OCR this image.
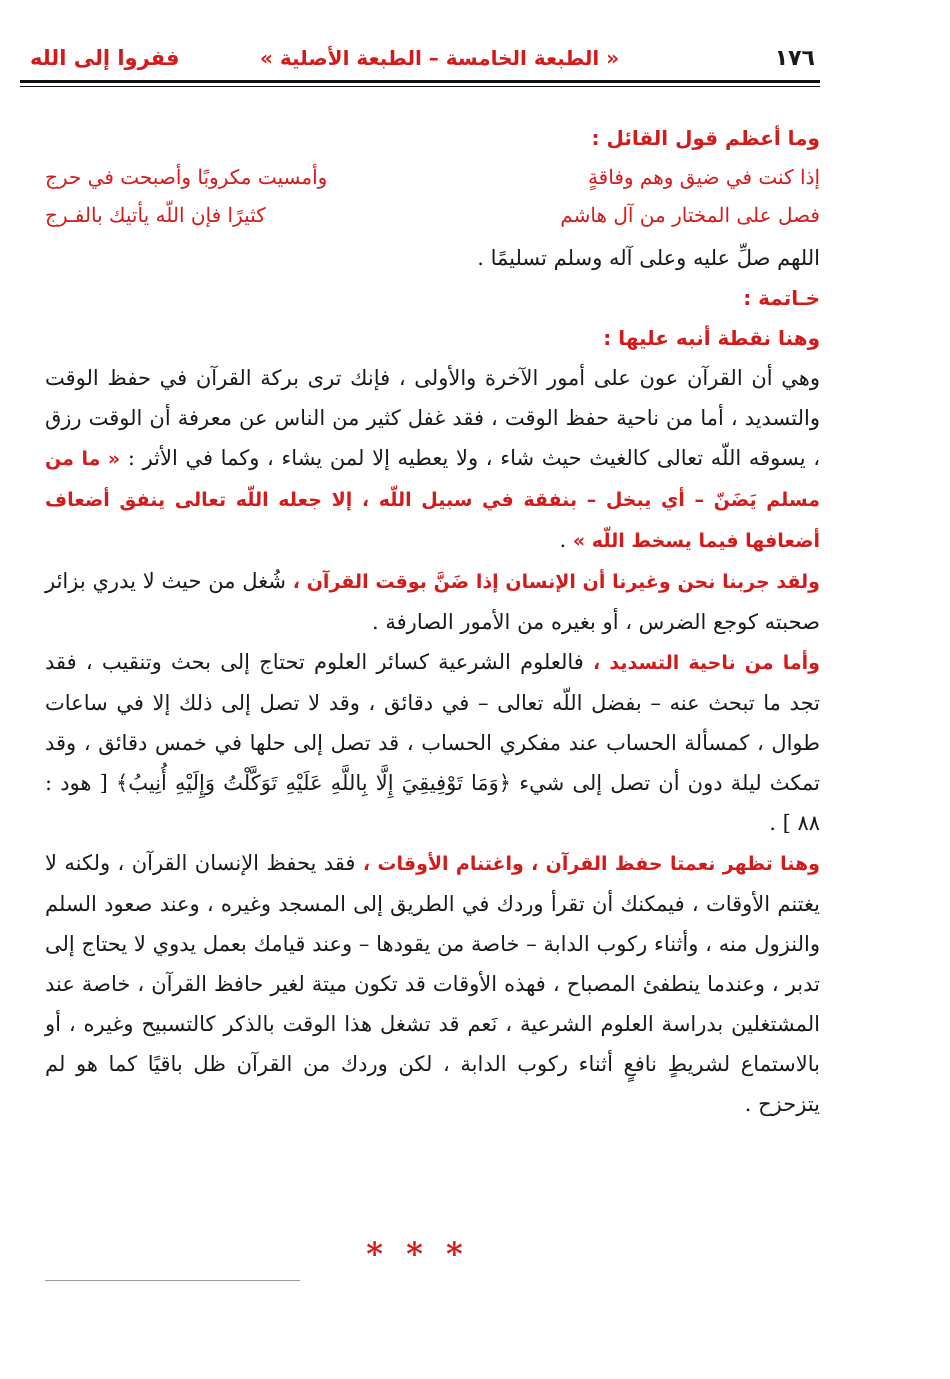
ففروا إلى الله	« الطبعة الخامسة – الطبعة الأصلية »	١٧٦
وما أعظم قول القائل :
إذا كنت في ضيق وهم وفاقةٍ
وأمسيت مكروبًا وأصبحت في حرج
فصل على المختار من آل هاشم
كثيرًا فإن اللّه يأتيك بالفـرج

اللهم صلِّ عليه وعلى آله وسلم تسليمًا .

خـاتمة :
وهنا نقطة أنبه عليها :

وهي أن القرآن عون على أمور الآخرة والأولى ، فإنك ترى بركة القرآن في حفظ الوقت والتسديد ، أما من ناحية حفظ الوقت ، فقد غفل كثير من الناس عن معرفة أن الوقت رزق ، يسوقه اللّه تعالى كالغيث حيث شاء ، ولا يعطيه إلا لمن يشاء ، وكما في الأثر : « ما من مسلم يَضَنّ – أي يبخل – بنفقة في سبيل اللّه ، إلا جعله اللّه تعالى ينفق أضعاف أضعافها فيما يسخط اللّه » .

ولقد جربنا نحن وغيرنا أن الإنسان إذا ضَنَّ بوقت القرآن ، شُغل من حيث لا يدري بزائر صحبته كوجع الضرس ، أو بغيره من الأمور الصارفة .

وأما من ناحية التسديد ، فالعلوم الشرعية كسائر العلوم تحتاج إلى بحث وتنقيب ، فقد تجد ما تبحث عنه – بفضل اللّه تعالى – في دقائق ، وقد لا تصل إلى ذلك إلا في ساعات طوال ، كمسألة الحساب عند مفكري الحساب ، قد تصل إلى حلها في خمس دقائق ، وقد تمكث ليلة دون أن تصل إلى شيء ﴿وَمَا تَوْفِيقِيَ إِلَّا بِاللَّهِ عَلَيْهِ تَوَكَّلْتُ وَإِلَيْهِ أُنِيبُ﴾ [ هود : ٨٨ ] .

وهنا تظهر نعمتا حفظ القرآن ، واغتنام الأوقات ، فقد يحفظ الإنسان القرآن ، ولكنه لا يغتنم الأوقات ، فيمكنك أن تقرأ وردك في الطريق إلى المسجد وغيره ، وعند صعود السلم والنزول منه ، وأثناء ركوب الدابة – خاصة من يقودها – وعند قيامك بعمل يدوي لا يحتاج إلى تدبر ، وعندما ينطفئ المصباح ، فهذه الأوقات قد تكون ميتة لغير حافظ القرآن ، خاصة عند المشتغلين بدراسة العلوم الشرعية ، نَعم قد تشغل هذا الوقت بالذكر كالتسبيح وغيره ، أو بالاستماع لشريطٍ نافعٍ أثناء ركوب الدابة ، لكن وردك من القرآن ظل باقيًا كما هو لم يتزحزح .

* * *
